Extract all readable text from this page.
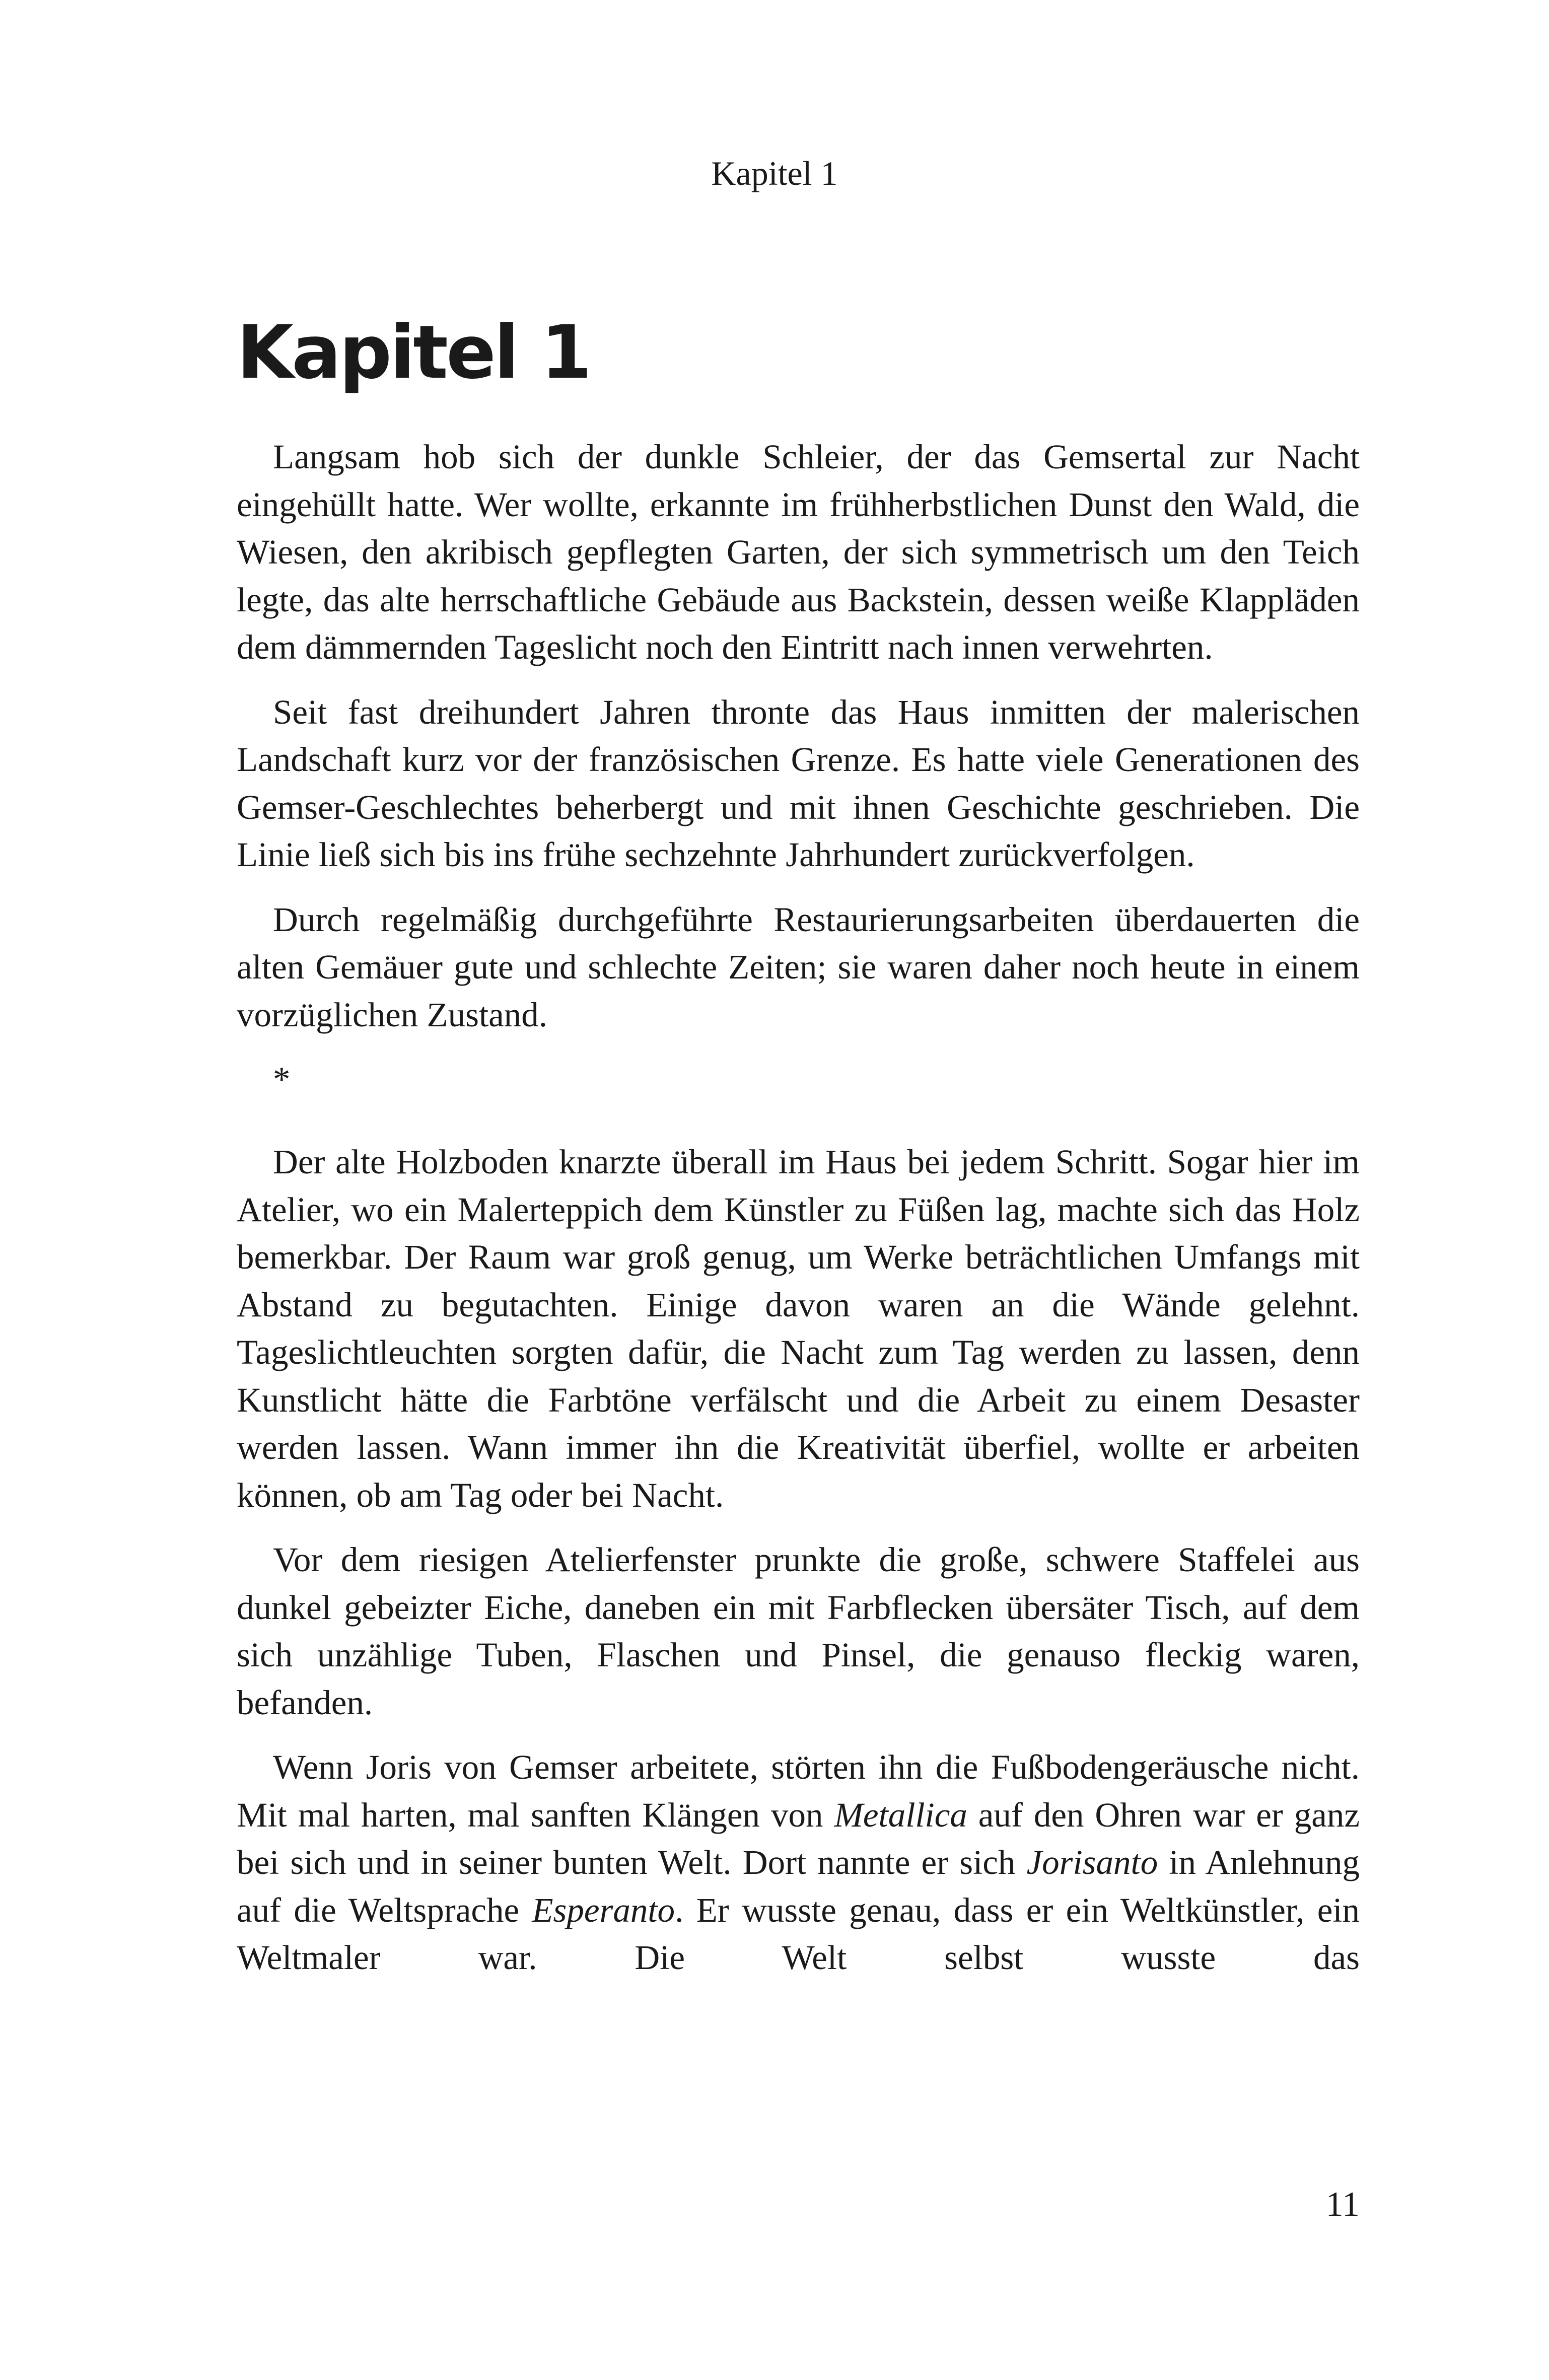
Kapitel 1

Kapitel 1

Langsam hob sich der dunkle Schleier, der das Gemsertal zur Nacht eingehüllt hatte. Wer wollte, erkannte im frühherbstlichen Dunst den Wald, die Wiesen, den akribisch gepflegten Garten, der sich symmetrisch um den Teich legte, das alte herrschaftliche Gebäude aus Backstein, dessen weiße Klappläden dem dämmernden Tageslicht noch den Eintritt nach innen verwehrten.

Seit fast dreihundert Jahren thronte das Haus inmitten der malerischen Landschaft kurz vor der französischen Grenze. Es hatte viele Generationen des Gemser-Geschlechtes beherbergt und mit ihnen Geschichte geschrieben. Die Linie ließ sich bis ins frühe sechzehnte Jahrhundert zurückverfolgen.

Durch regelmäßig durchgeführte Restaurierungsarbeiten überdauerten die alten Gemäuer gute und schlechte Zeiten; sie waren daher noch heute in einem vorzüglichen Zustand.

*

Der alte Holzboden knarzte überall im Haus bei jedem Schritt. Sogar hier im Atelier, wo ein Malerteppich dem Künstler zu Füßen lag, machte sich das Holz bemerkbar. Der Raum war groß genug, um Werke beträchtlichen Umfangs mit Abstand zu begutachten. Einige davon waren an die Wände gelehnt. Tageslichtleuchten sorgten dafür, die Nacht zum Tag werden zu lassen, denn Kunstlicht hätte die Farbtöne verfälscht und die Arbeit zu einem Desaster werden lassen. Wann immer ihn die Kreativität überfiel, wollte er arbeiten können, ob am Tag oder bei Nacht.

Vor dem riesigen Atelierfenster prunkte die große, schwere Staffelei aus dunkel gebeizter Eiche, daneben ein mit Farbflecken übersäter Tisch, auf dem sich unzählige Tuben, Flaschen und Pinsel, die genauso fleckig waren, befanden.

Wenn Joris von Gemser arbeitete, störten ihn die Fußbodengeräusche nicht. Mit mal harten, mal sanften Klängen von Metallica auf den Ohren war er ganz bei sich und in seiner bunten Welt. Dort nannte er sich Jorisanto in Anlehnung auf die Weltsprache Esperanto. Er wusste genau, dass er ein Weltkünstler, ein Weltmaler war. Die Welt selbst wusste das

11
